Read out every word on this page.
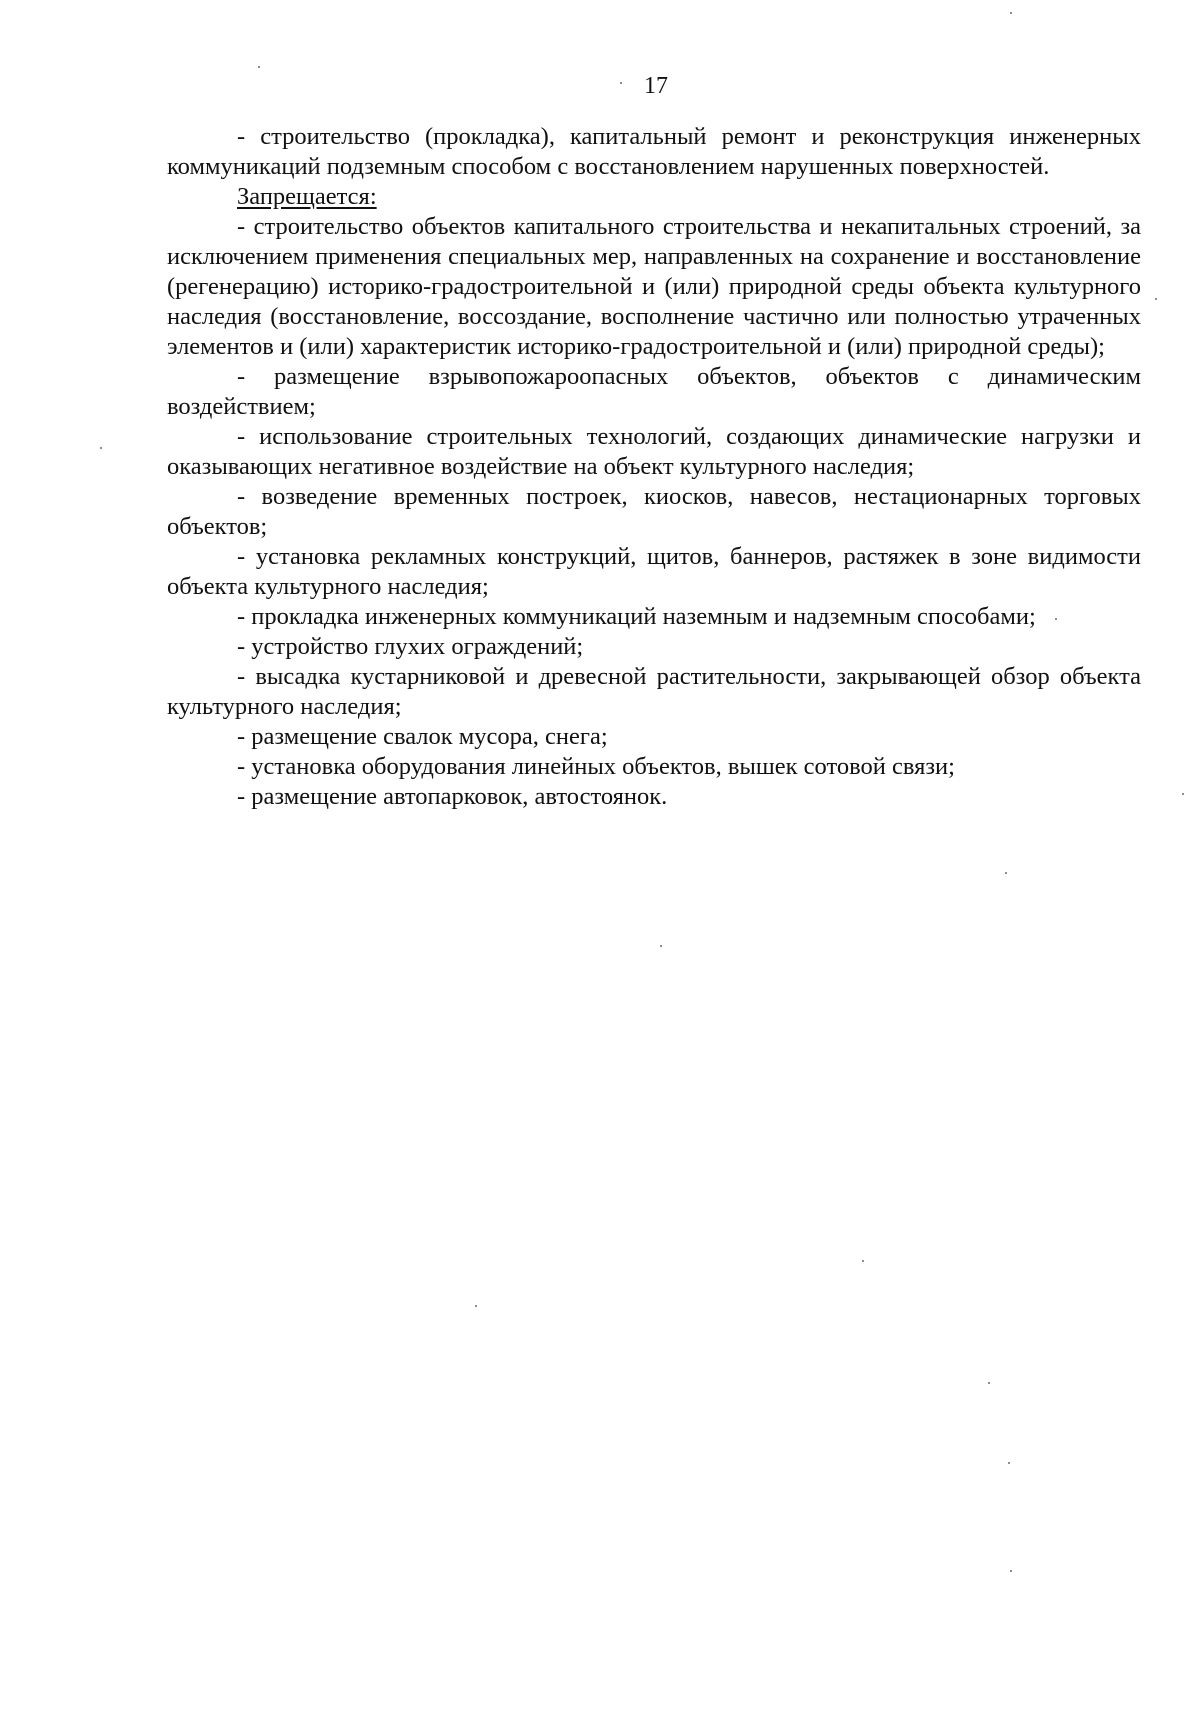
17

- строительство (прокладка), капитальный ремонт и реконструкция инженерных коммуникаций подземным способом с восстановлением нарушенных поверхностей.

Запрещается:

- строительство объектов капитального строительства и некапитальных строений, за исключением применения специальных мер, направленных на сохранение и восстановление (регенерацию) историко-градостроительной и (или) природной среды объекта культурного наследия (восстановление, воссоздание, восполнение частично или полностью утраченных элементов и (или) характеристик историко-градостроительной и (или) природной среды);

- размещение взрывопожароопасных объектов, объектов с динамическим воздействием;

- использование строительных технологий, создающих динамические нагрузки и оказывающих негативное воздействие на объект культурного наследия;

- возведение временных построек, киосков, навесов, нестационарных торговых объектов;

- установка рекламных конструкций, щитов, баннеров, растяжек в зоне видимости объекта культурного наследия;

- прокладка инженерных коммуникаций наземным и надземным способами;

- устройство глухих ограждений;

- высадка кустарниковой и древесной растительности, закрывающей обзор объекта культурного наследия;

- размещение свалок мусора, снега;

- установка оборудования линейных объектов, вышек сотовой связи;

- размещение автопарковок, автостоянок.
